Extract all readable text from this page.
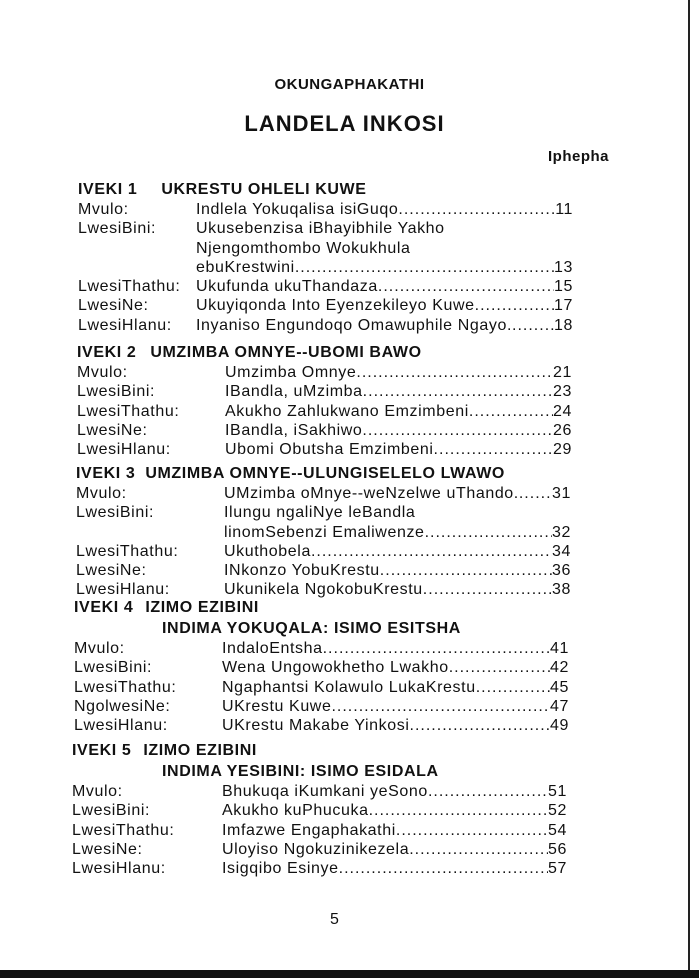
OKUNGAPHAKATHI
LANDELA INKOSI
Iphepha
IVEKI 1 UKRESTU OHLELI KUWE
Mvulo:	Indlela Yokuqalisa isiGuqo .....	11
LwesiBini:	Ukusebenzisa iBhayibhile Yakho
Njengomthombo Wokukhula
ebuKrestwini .....	13
LwesiThathu: Ukufunda ukuThandaza .....	15
LwesiNe:	Ukuyiqonda Into Eyenzekileyo Kuwe .....	17
LwesiHlanu:	Inyaniso Engundoqo Omawuphile Ngayo. .....	18
IVEKI 2 UMZIMBA OMNYE--UBOMI BAWO
Mvulo:	Umzimba Omnye .....	21
LwesiBini:	IBandla, uMzimba .....	23
LwesiThathu:	Akukho Zahlukwano Emzimbeni .....	24
LwesiNe:	IBandla, iSakhiwo .....	26
LwesiHlanu:	Ubomi Obutsha Emzimbeni .....	29
IVEKI 3 UMZIMBA OMNYE--ULUNGISELELO LWAWO
Mvulo:	UMzimba oMnye--weNzelwe uThando. ..... 31
LwesiBini:	Ilungu ngaliNye leBandla
linomSebenzi Emaliwenze .....	32
LwesiThathu:	Ukuthobela .....	34
LwesiNe:	INkonzo YobuKrestu .....	36
LwesiHlanu:	Ukunikela NgokobuKrestu .....	38
IVEKI 4 IZIMO EZIBINI
INDIMA YOKUQALA: ISIMO ESITSHA
Mvulo:	IndaloEntsha .....	41
LwesiBini:	Wena Ungowokhetho Lwakho .....	42
LwesiThathu:	Ngaphantsi Kolawulo LukaKrestu .....	45
NgolwesiNe:	UKrestu Kuwe .....	47
LwesiHlanu:	UKrestu Makabe Yinkosi .....	49
IVEKI 5 IZIMO EZIBINI
INDIMA YESIBINI: ISIMO ESIDALA
Mvulo:	Bhukuqa iKumkani yeSono .....	51
LwesiBini:	Akukho kuPhucuka .....	52
LwesiThathu:	Imfazwe Engaphakathi .....	54
LwesiNe:	Uloyiso Ngokuzinikezela .....	56
LwesiHlanu:	Isigqibo Esinye .....	57
5
